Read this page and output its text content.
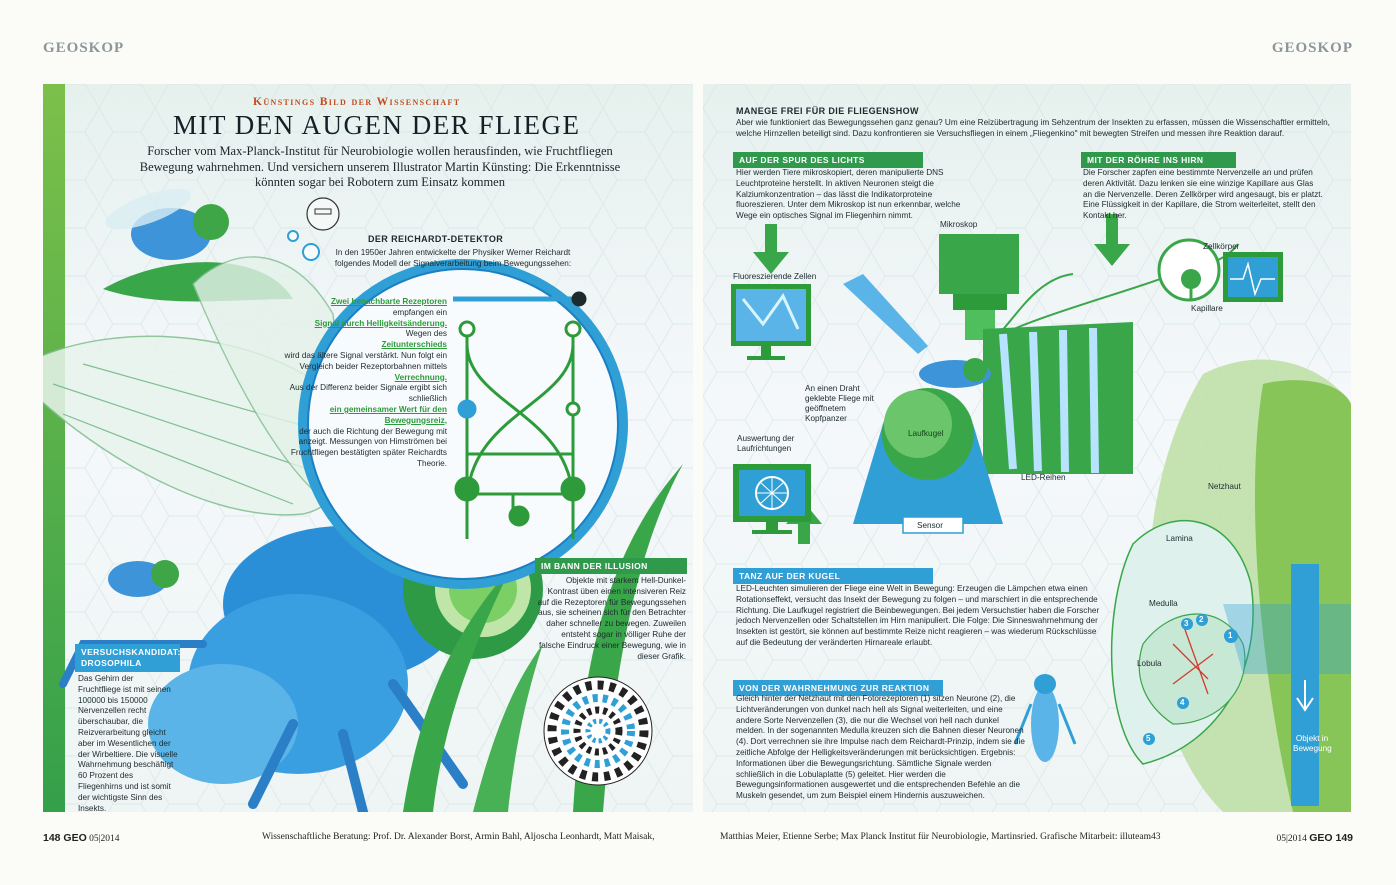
GEOSKOP	GEOSKOP
Künstings Bild der Wissenschaft
MIT DEN AUGEN DER FLIEGE
Forscher vom Max-Planck-Institut für Neurobiologie wollen herausfinden, wie Fruchtfliegen Bewegung wahrnehmen. Und versichern unserem Illustrator Martin Künsting: Die Erkenntnisse könnten sogar bei Robotern zum Einsatz kommen
DER REICHARDT-DETEKTOR
In den 1950er Jahren entwickelte der Physiker Werner Reichardt folgendes Modell der Signalverarbeitung beim Bewegungssehen:
Zwei benachbarte Rezeptoren
empfangen ein
Signal durch Helligkeitsänderung.
Wegen des
Zeitunterschieds
wird das ältere Signal verstärkt. Nun folgt ein Vergleich beider Rezeptorbahnen mittels
Verrechnung.
Aus der Differenz beider Signale ergibt sich schließlich
ein gemeinsamer Wert für den Bewegungsreiz,
der auch die Richtung der Bewegung mit anzeigt. Messungen von Himströmen bei Fruchtfliegen bestätigten später Reichardts Theorie.
VERSUCHSKANDIDAT:
DROSOPHILA
Das Gehirn der Fruchtfliege ist mit seinen 100000 bis 150000 Nervenzellen recht überschaubar, die Reizverarbeitung gleicht aber im Wesentlichen der der Wirbeltiere. Die visuelle Wahrnehmung beschäftigt 60 Prozent des Fliegenhirns und ist somit der wichtigste Sinn des Insekts.
IM BANN DER ILLUSION
Objekte mit starkem Hell-Dunkel-Kontrast üben einen intensiveren Reiz auf die Rezeptoren für Bewegungssehen aus, sie scheinen sich für den Betrachter daher schneller zu bewegen. Zuweilen entsteht sogar in völliger Ruhe der falsche Eindruck einer Bewegung, wie in dieser Grafik.
1
2
3
4
5
MANEGE FREI FÜR DIE FLIEGENSHOW
Aber wie funktioniert das Bewegungssehen ganz genau? Um eine Reizübertragung im Sehzentrum der Insekten zu erfassen, müssen die Wissenschaftler ermitteln, welche Hirnzellen beteiligt sind. Dazu konfrontieren sie Versuchsfliegen in einem „Fliegenkino" mit bewegten Streifen und messen ihre Reaktion darauf.
AUF DER SPUR DES LICHTS
Hier werden Tiere mikroskopiert, deren manipulierte DNS Leuchtproteine herstellt. In aktiven Neuronen steigt die Kalziumkonzentration – das lässt die Indikatorproteine fluoreszieren. Unter dem Mikroskop ist nun erkennbar, welche Wege ein optisches Signal im Fliegenhirn nimmt.
MIT DER RÖHRE INS HIRN
Die Forscher zapfen eine bestimmte Nervenzelle an und prüfen deren Aktivität. Dazu lenken sie eine winzige Kapillare aus Glas an die Nervenzelle. Deren Zellkörper wird angesaugt, bis er platzt. Eine Flüssigkeit in der Kapillare, die Strom weiterleitet, stellt den Kontakt her.
TANZ AUF DER KUGEL
LED-Leuchten simulieren der Fliege eine Welt in Bewegung: Erzeugen die Lämpchen etwa einen Rotationseffekt, versucht das Insekt der Bewegung zu folgen – und marschiert in die entsprechende Richtung. Die Laufkugel registriert die Beinbewegungen. Bei jedem Versuchstier haben die Forscher jedoch Nervenzellen oder Schaltstellen im Hirn manipuliert. Die Folge: Die Sinneswahrnehmung der Insekten ist gestört, sie können auf bestimmte Reize nicht reagieren – was wiederum Rückschlüsse auf die Bedeutung der veränderten Hirnareale erlaubt.
VON DER WAHRNEHMUNG ZUR REAKTION
Gleich hinter der Netzhaut mit den Fotorezeptoren (1) sitzen Neurone (2), die Lichtveränderungen von dunkel nach hell als Signal weiterleiten, und eine andere Sorte Nervenzellen (3), die nur die Wechsel von hell nach dunkel melden. In der sogenannten Medulla kreuzen sich die Bahnen dieser Neuronen (4). Dort verrechnen sie ihre Impulse nach dem Reichardt-Prinzip, indem sie die zeitliche Abfolge der Helligkeitsveränderungen mit berücksichtigen. Ergebnis: Informationen über die Bewegungsrichtung. Sämtliche Signale werden schließlich in die Lobulaplatte (5) geleitet. Hier werden die Bewegungsinformationen ausgewertet und die entsprechenden Befehle an die Muskeln gesendet, um zum Beispiel einem Hindernis auszuweichen.
Mikroskop
Fluoreszierende Zellen
Zellkörper
Kapillare
An einen Draht geklebte Fliege mit geöffnetem Kopfpanzer
Laufkugel
LED-Reihen
Sensor
Auswertung der Laufrichtungen
Netzhaut
Lamina
Medulla
Lobula
Objekt in Bewegung
148 GEO 05|2014	Wissenschaftliche Beratung: Prof. Dr. Alexander Borst, Armin Bahl, Aljoscha Leonhardt, Matt Maisak,	Matthias Meier, Etienne Serbe; Max Planck Institut für Neurobiologie, Martinsried. Grafische Mitarbeit: illuteam43	05|2014 GEO 149
